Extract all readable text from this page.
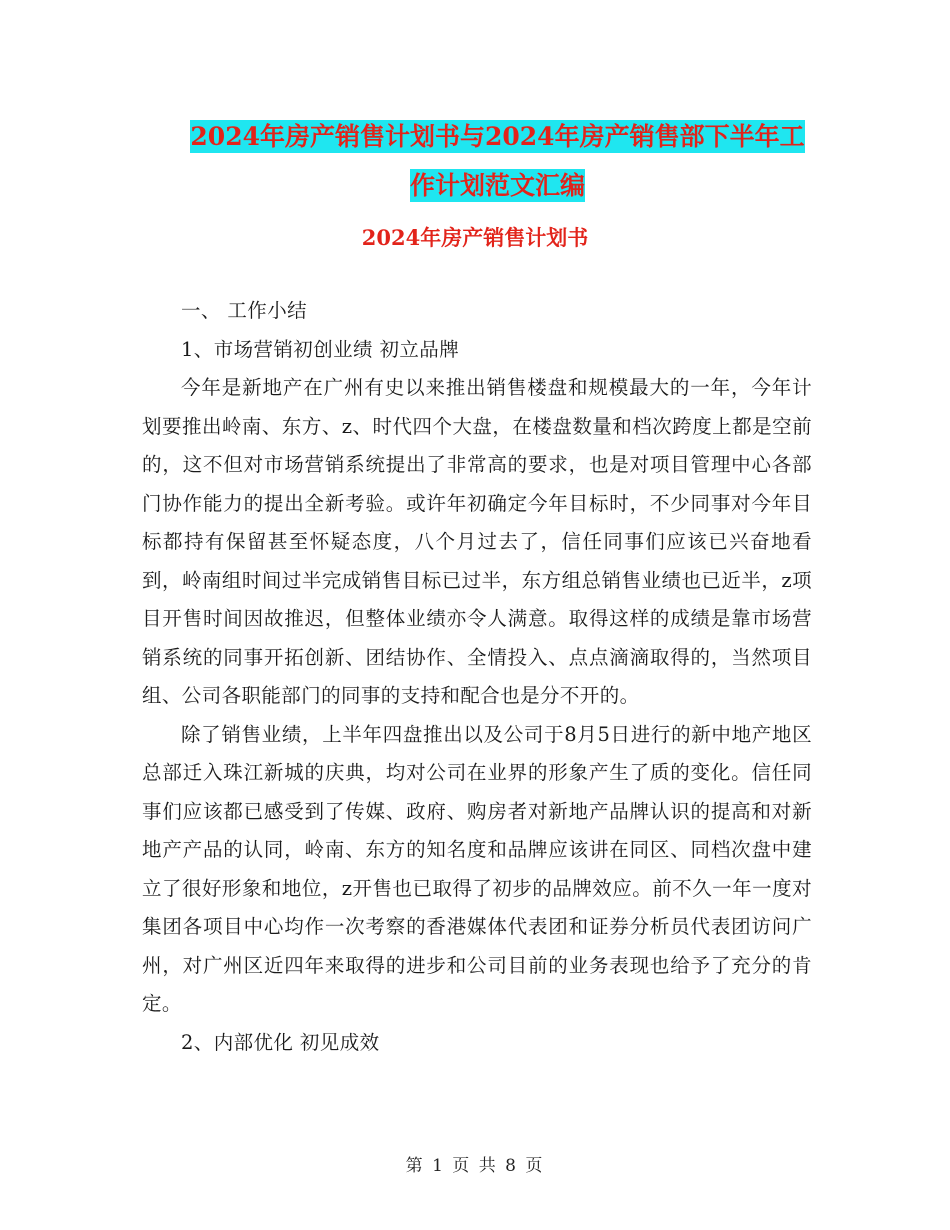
2024年房产销售计划书与2024年房产销售部下半年工
作计划范文汇编
2024年房产销售计划书

一、 工作小结

1、市场营销初创业绩 初立品牌

今年是新地产在广州有史以来推出销售楼盘和规模最大的一年，今年计划要推出岭南、东方、z、时代四个大盘，在楼盘数量和档次跨度上都是空前的，这不但对市场营销系统提出了非常高的要求，也是对项目管理中心各部门协作能力的提出全新考验。或许年初确定今年目标时，不少同事对今年目标都持有保留甚至怀疑态度，八个月过去了，信任同事们应该已兴奋地看到，岭南组时间过半完成销售目标已过半，东方组总销售业绩也已近半，z项目开售时间因故推迟，但整体业绩亦令人满意。取得这样的成绩是靠市场营销系统的同事开拓创新、团结协作、全情投入、点点滴滴取得的，当然项目组、公司各职能部门的同事的支持和配合也是分不开的。

除了销售业绩，上半年四盘推出以及公司于8月5日进行的新中地产地区总部迁入珠江新城的庆典，均对公司在业界的形象产生了质的变化。信任同事们应该都已感受到了传媒、政府、购房者对新地产品牌认识的提高和对新地产产品的认同，岭南、东方的知名度和品牌应该讲在同区、同档次盘中建立了很好形象和地位，z开售也已取得了初步的品牌效应。前不久一年一度对集团各项目中心均作一次考察的香港媒体代表团和证券分析员代表团访问广州，对广州区近四年来取得的进步和公司目前的业务表现也给予了充分的肯定。

2、内部优化 初见成效

第 1 页 共 8 页
